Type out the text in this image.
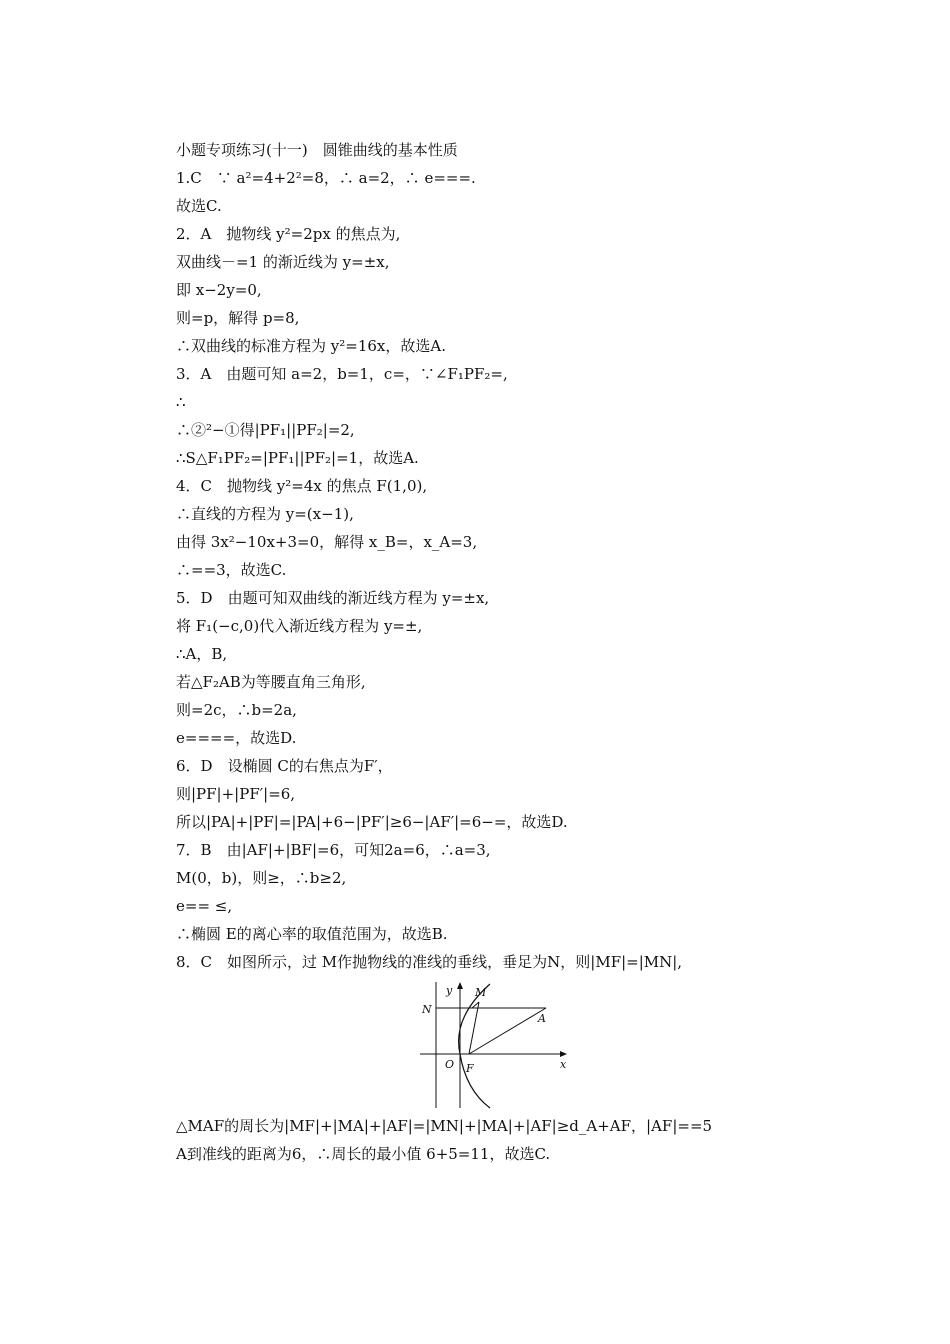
小题专项练习(十一)　圆锥曲线的基本性质
1.C　∵ a²=4+2²=8，∴ a=2，∴ e===.
故选C.
2．A　抛物线 y²=2px 的焦点为,
双曲线－=1 的渐近线为 y=±x,
即 x−2y=0,
则=p，解得 p=8,
∴双曲线的标准方程为 y²=16x，故选A.
3．A　由题可知 a=2，b=1，c=，∵∠F₁PF₂=,
∴
∴②²−①得|PF₁||PF₂|=2,
∴S△F₁PF₂=|PF₁||PF₂|=1，故选A.
4．C　抛物线 y²=4x 的焦点 F(1,0),
∴直线的方程为 y=(x−1),
由得 3x²−10x+3=0，解得 x_B=，x_A=3,
∴==3，故选C.
5．D　由题可知双曲线的渐近线方程为 y=±x,
将 F₁(−c,0)代入渐近线方程为 y=±,
∴A，B,
若△F₂AB为等腰直角三角形,
则=2c，∴b=2a,
e====，故选D.
6．D　设椭圆 C的右焦点为F′，
则|PF|+|PF′|=6,
所以|PA|+|PF|=|PA|+6−|PF′|≥6−|AF′|=6−=，故选D.
7．B　由|AF|+|BF|=6，可知2a=6，∴a=3,
M(0，b)，则≥，∴b≥2,
e== ≤,
∴椭圆 E的离心率的取值范围为，故选B.
8．C　如图所示，过 M作抛物线的准线的垂线，垂足为N，则|MF|=|MN|,
y
x
M
N
A
O F
△MAF的周长为|MF|+|MA|+|AF|=|MN|+|MA|+|AF|≥d_A+AF，|AF|==5
A到准线的距离为6，∴周长的最小值 6+5=11，故选C.
